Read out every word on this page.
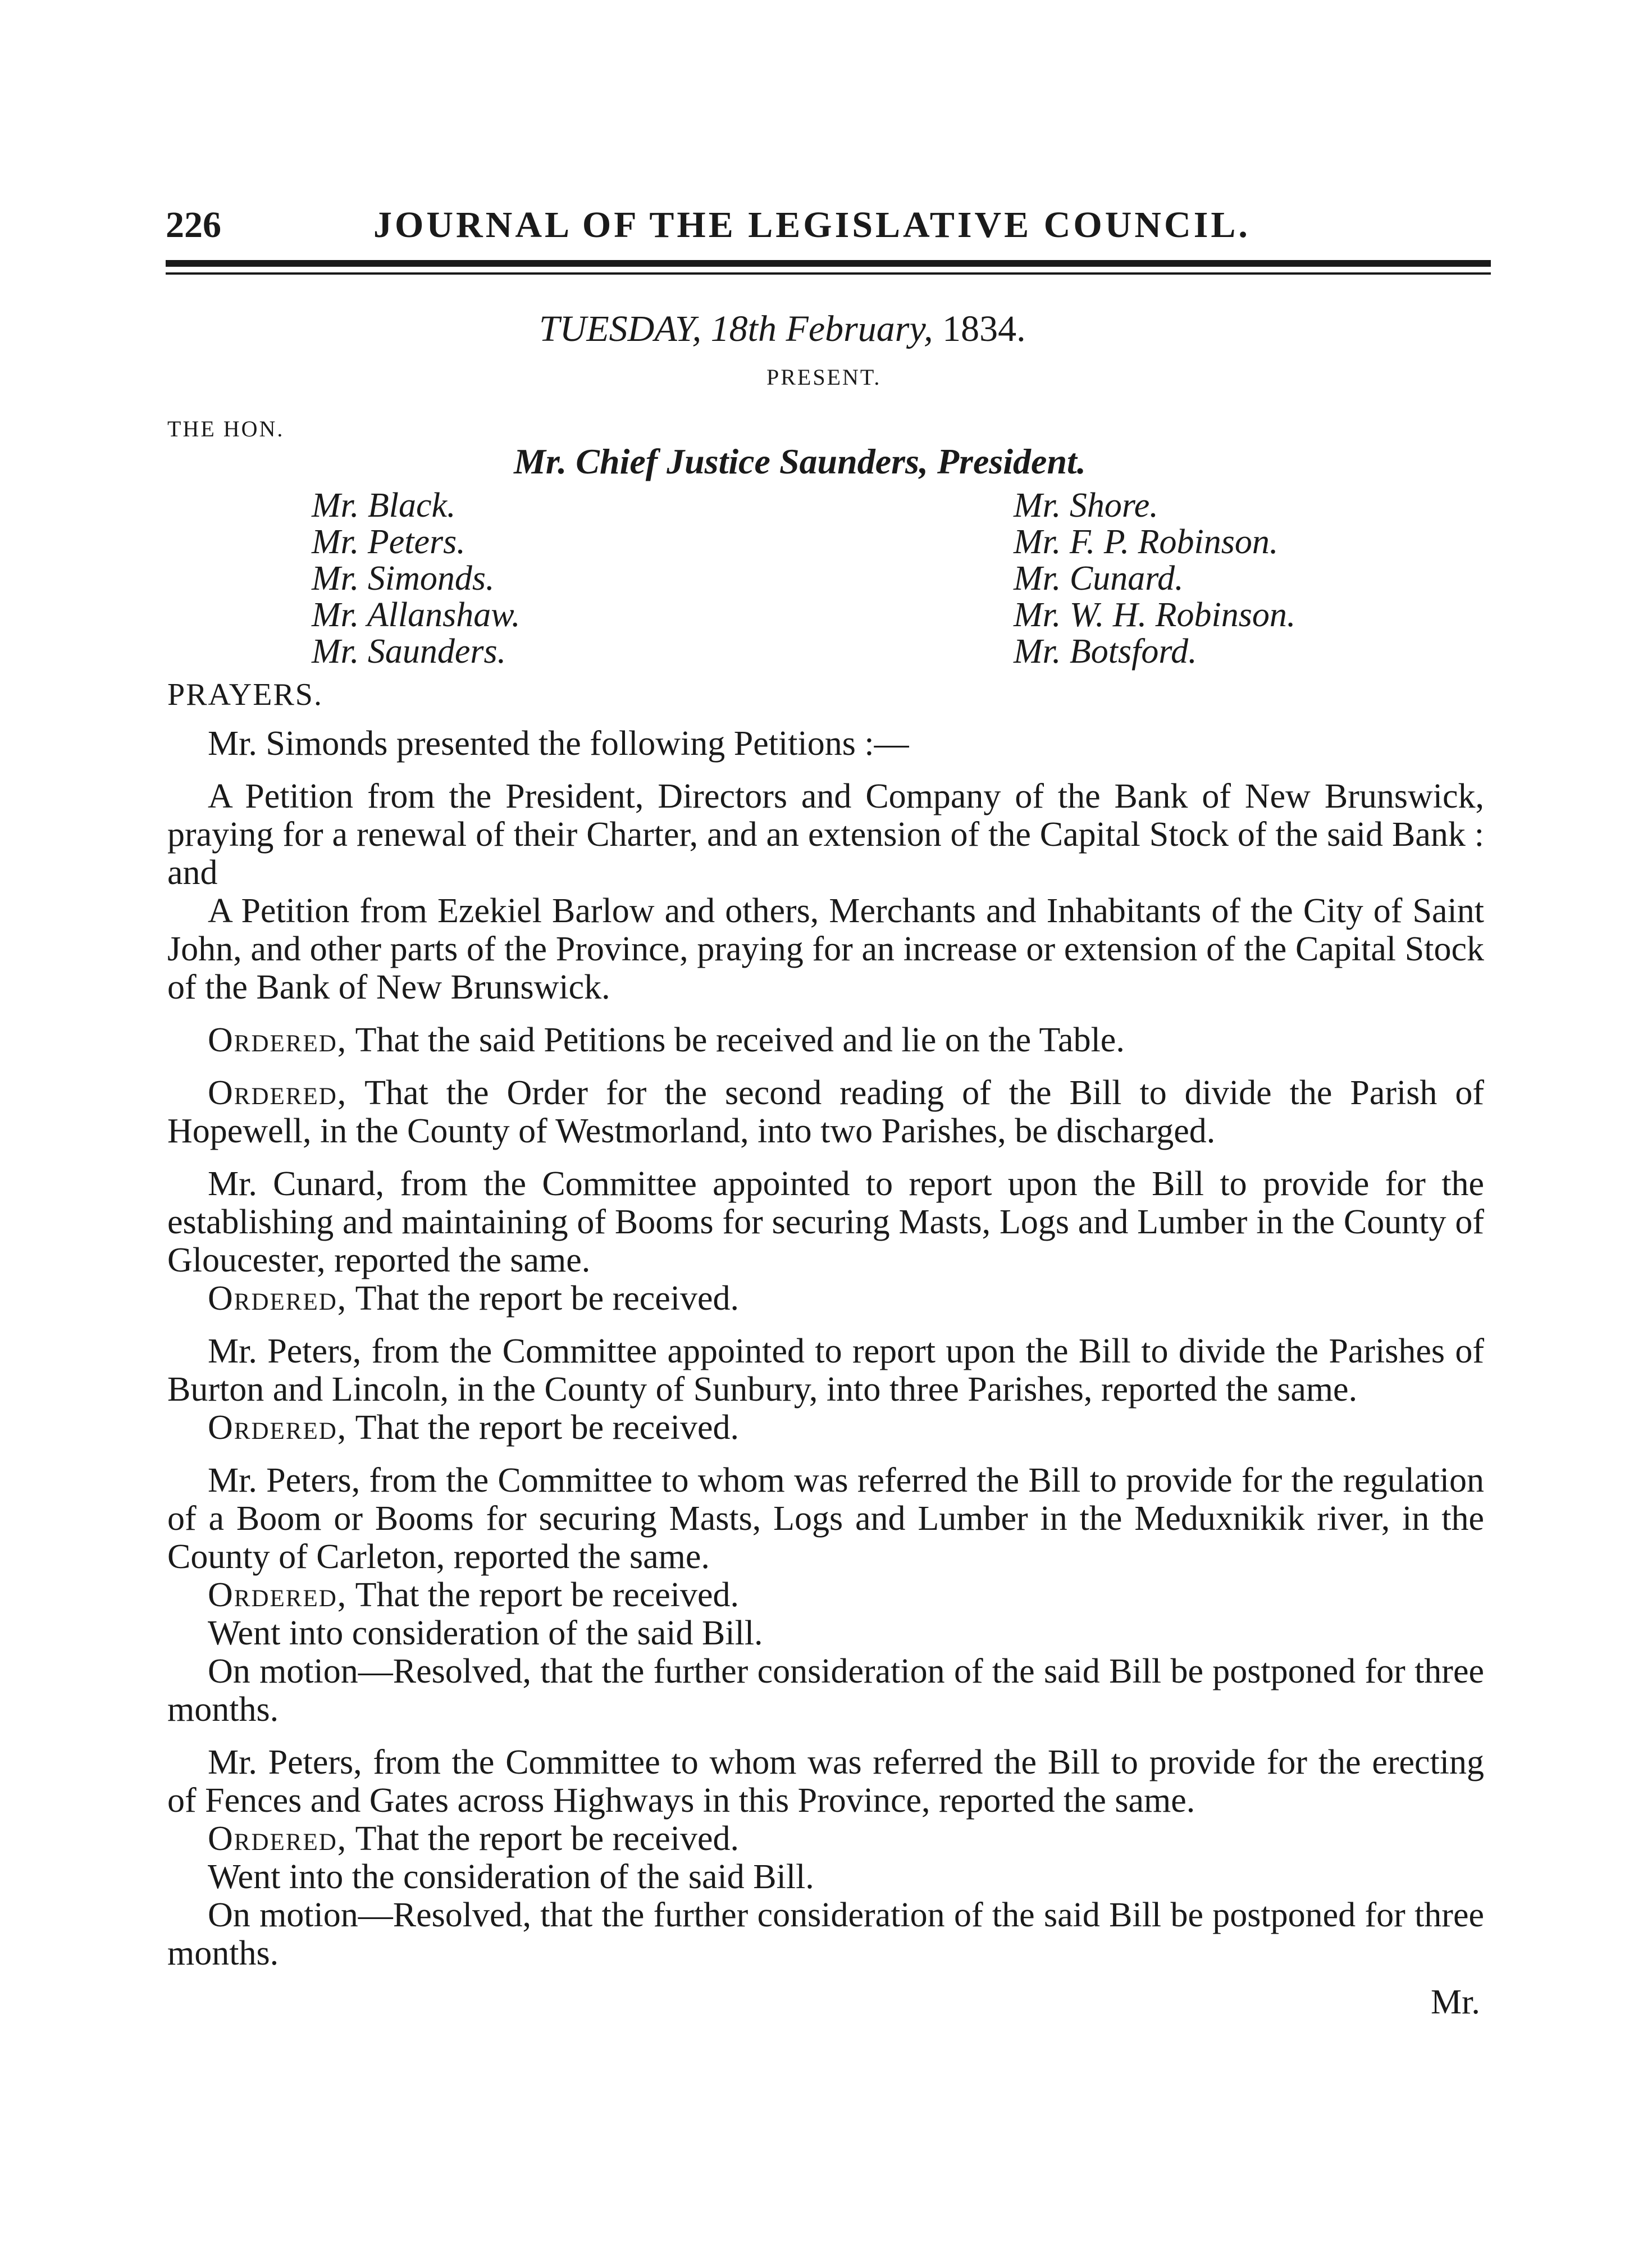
226	JOURNAL OF THE LEGISLATIVE COUNCIL.
TUESDAY, 18th February, 1834.
PRESENT.
THE HON.
Mr. Chief Justice Saunders, President.
Mr. Black.
Mr. Peters.
Mr. Simonds.
Mr. Allanshaw.
Mr. Saunders.
Mr. Shore.
Mr. F. P. Robinson.
Mr. Cunard.
Mr. W. H. Robinson.
Mr. Botsford.
PRAYERS.

Mr. Simonds presented the following Petitions :—

A Petition from the President, Directors and Company of the Bank of New Brunswick, praying for a renewal of their Charter, and an extension of the Capital Stock of the said Bank : and

A Petition from Ezekiel Barlow and others, Merchants and Inhabitants of the City of Saint John, and other parts of the Province, praying for an increase or extension of the Capital Stock of the Bank of New Brunswick.

Ordered, That the said Petitions be received and lie on the Table.

Ordered, That the Order for the second reading of the Bill to divide the Parish of Hopewell, in the County of Westmorland, into two Parishes, be discharged.

Mr. Cunard, from the Committee appointed to report upon the Bill to provide for the establishing and maintaining of Booms for securing Masts, Logs and Lumber in the County of Gloucester, reported the same.

Ordered, That the report be received.

Mr. Peters, from the Committee appointed to report upon the Bill to divide the Parishes of Burton and Lincoln, in the County of Sunbury, into three Parishes, reported the same.

Ordered, That the report be received.

Mr. Peters, from the Committee to whom was referred the Bill to provide for the regulation of a Boom or Booms for securing Masts, Logs and Lumber in the Meduxnikik river, in the County of Carleton, reported the same.

Ordered, That the report be received.

Went into consideration of the said Bill.

On motion—Resolved, that the further consideration of the said Bill be postponed for three months.

Mr. Peters, from the Committee to whom was referred the Bill to provide for the erecting of Fences and Gates across Highways in this Province, reported the same.

Ordered, That the report be received.

Went into the consideration of the said Bill.

On motion—Resolved, that the further consideration of the said Bill be postponed for three months.

Mr.
